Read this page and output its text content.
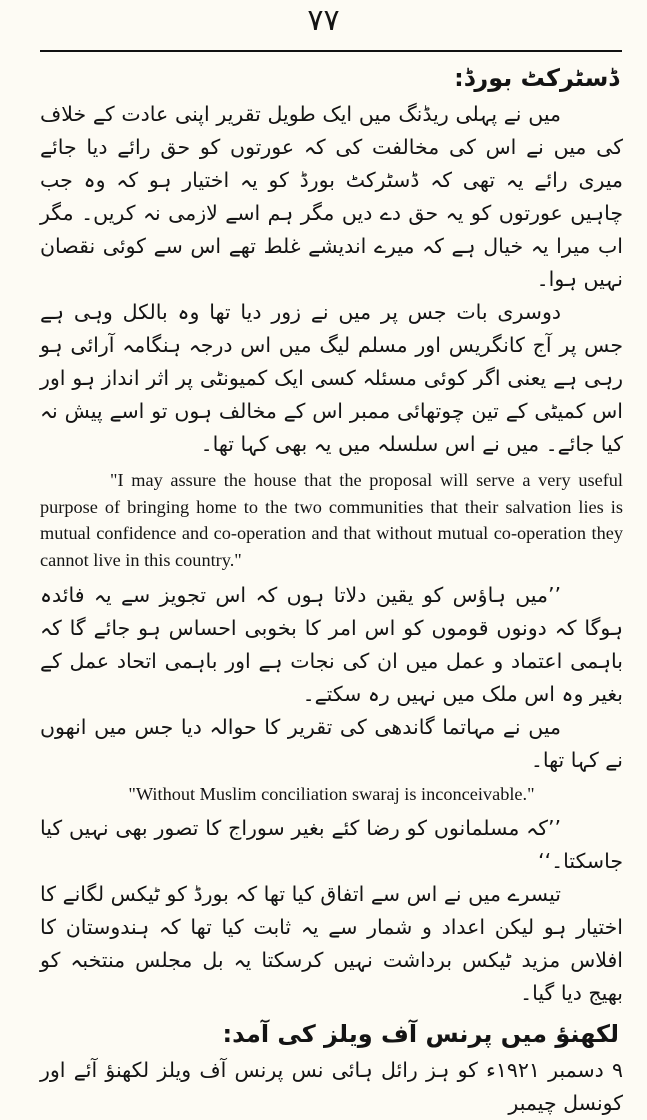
۷۷
ڈسٹرکٹ بورڈ:

میں نے پہلی ریڈنگ میں ایک طویل تقریر اپنی عادت کے خلاف کی میں نے اس کی مخالفت کی کہ عورتوں کو حق رائے دیا جائے میری رائے یہ تھی کہ ڈسٹرکٹ بورڈ کو یہ اختیار ہو کہ وہ جب چاہیں عورتوں کو یہ حق دے دیں مگر ہم اسے لازمی نہ کریں۔ مگر اب میرا یہ خیال ہے کہ میرے اندیشے غلط تھے اس سے کوئی نقصان نہیں ہوا۔

دوسری بات جس پر میں نے زور دیا تھا وہ بالکل وہی ہے جس پر آج کانگریس اور مسلم لیگ میں اس درجہ ہنگامہ آرائی ہو رہی ہے یعنی اگر کوئی مسئلہ کسی ایک کمیونٹی پر اثر انداز ہو اور اس کمیٹی کے تین چوتھائی ممبر اس کے مخالف ہوں تو اسے پیش نہ کیا جائے۔ میں نے اس سلسلہ میں یہ بھی کہا تھا۔

"I may assure the house that the proposal will serve a very useful purpose of bringing home to the two communities that their salvation lies is mutual confidence and co-operation and that without mutual co-operation they cannot live in this country."

’’میں ہاؤس کو یقین دلاتا ہوں کہ اس تجویز سے یہ فائدہ ہوگا کہ دونوں قوموں کو اس امر کا بخوبی احساس ہو جائے گا کہ باہمی اعتماد و عمل میں ان کی نجات ہے اور باہمی اتحاد عمل کے بغیر وہ اس ملک میں نہیں رہ سکتے۔

میں نے مہاتما گاندھی کی تقریر کا حوالہ دیا جس میں انھوں نے کہا تھا۔

"Without Muslim conciliation swaraj is inconceivable."

’’کہ مسلمانوں کو رضا کئے بغیر سوراج کا تصور بھی نہیں کیا جاسکتا۔‘‘

تیسرے میں نے اس سے اتفاق کیا تھا کہ بورڈ کو ٹیکس لگانے کا اختیار ہو لیکن اعداد و شمار سے یہ ثابت کیا تھا کہ ہندوستان کا افلاس مزید ٹیکس برداشت نہیں کرسکتا یہ بل مجلس منتخبہ کو بھیج دیا گیا۔

لکھنؤ میں پرنس آف ویلز کی آمد:

۹ دسمبر ۱۹۲۱ء کو ہز رائل ہائی نس پرنس آف ویلز لکھنؤ آئے اور کونسل چیمبر
